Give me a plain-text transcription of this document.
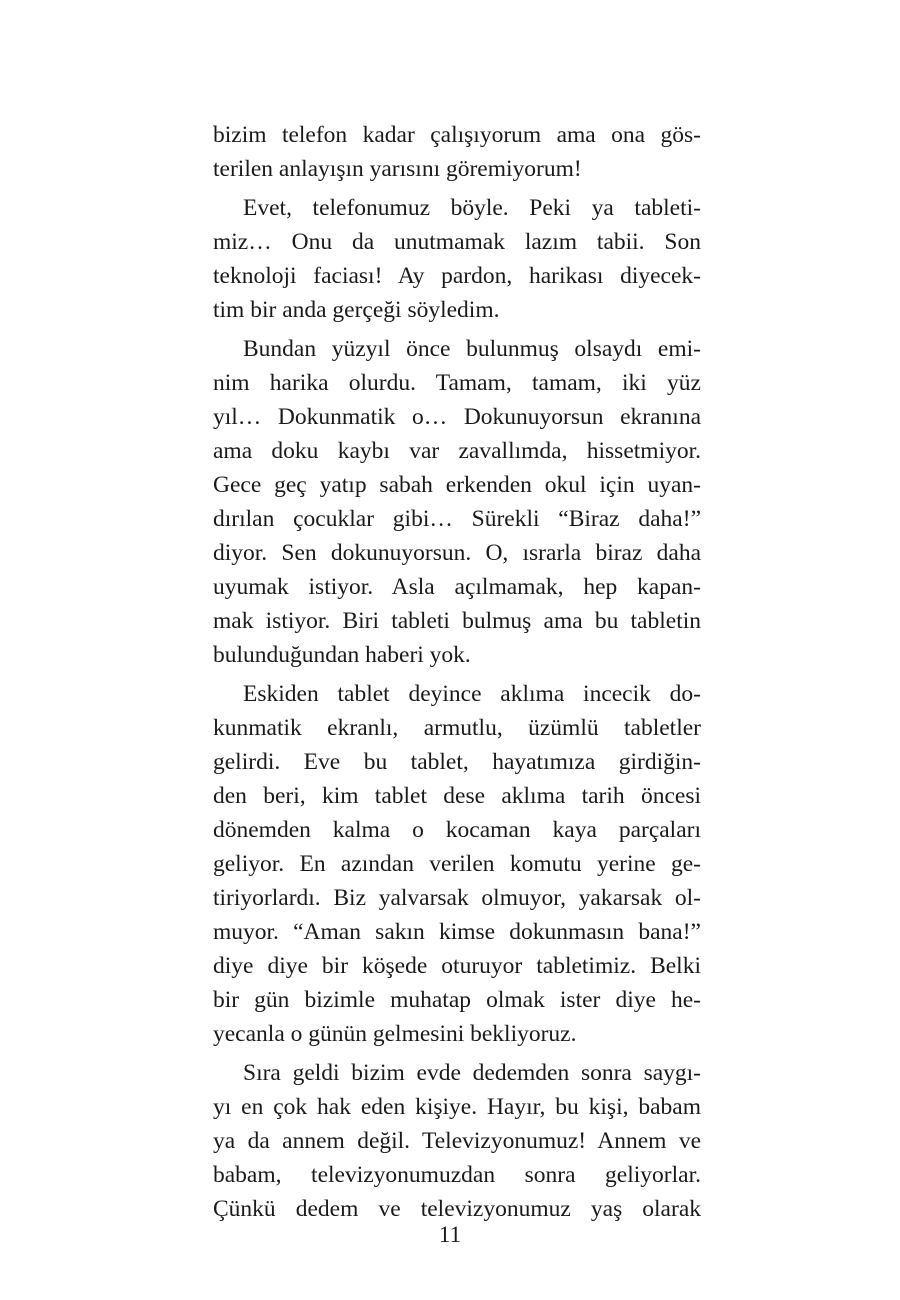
bizim telefon kadar çalışıyorum ama ona gös-
terilen anlayışın yarısını göremiyorum!
Evet, telefonumuz böyle. Peki ya tableti-
miz… Onu da unutmamak lazım tabii. Son
teknoloji faciası! Ay pardon, harikası diyecek-
tim bir anda gerçeği söyledim.
Bundan yüzyıl önce bulunmuş olsaydı emi-
nim harika olurdu. Tamam, tamam, iki yüz
yıl… Dokunmatik o… Dokunuyorsun ekranına
ama doku kaybı var zavallımda, hissetmiyor.
Gece geç yatıp sabah erkenden okul için uyan-
dırılan çocuklar gibi… Sürekli “Biraz daha!”
diyor. Sen dokunuyorsun. O, ısrarla biraz daha
uyumak istiyor. Asla açılmamak, hep kapan-
mak istiyor. Biri tableti bulmuş ama bu tabletin
bulunduğundan haberi yok.
Eskiden tablet deyince aklıma incecik do-
kunmatik ekranlı, armutlu, üzümlü tabletler
gelirdi. Eve bu tablet, hayatımıza girdiğin-
den beri, kim tablet dese aklıma tarih öncesi
dönemden kalma o kocaman kaya parçaları
geliyor. En azından verilen komutu yerine ge-
tiriyorlardı. Biz yalvarsak olmuyor, yakarsak ol-
muyor. “Aman sakın kimse dokunmasın bana!”
diye diye bir köşede oturuyor tabletimiz. Belki
bir gün bizimle muhatap olmak ister diye he-
yecanla o günün gelmesini bekliyoruz.
Sıra geldi bizim evde dedemden sonra saygı-
yı en çok hak eden kişiye. Hayır, bu kişi, babam
ya da annem değil. Televizyonumuz! Annem ve
babam, televizyonumuzdan sonra geliyorlar.
Çünkü dedem ve televizyonumuz yaş olarak
11
